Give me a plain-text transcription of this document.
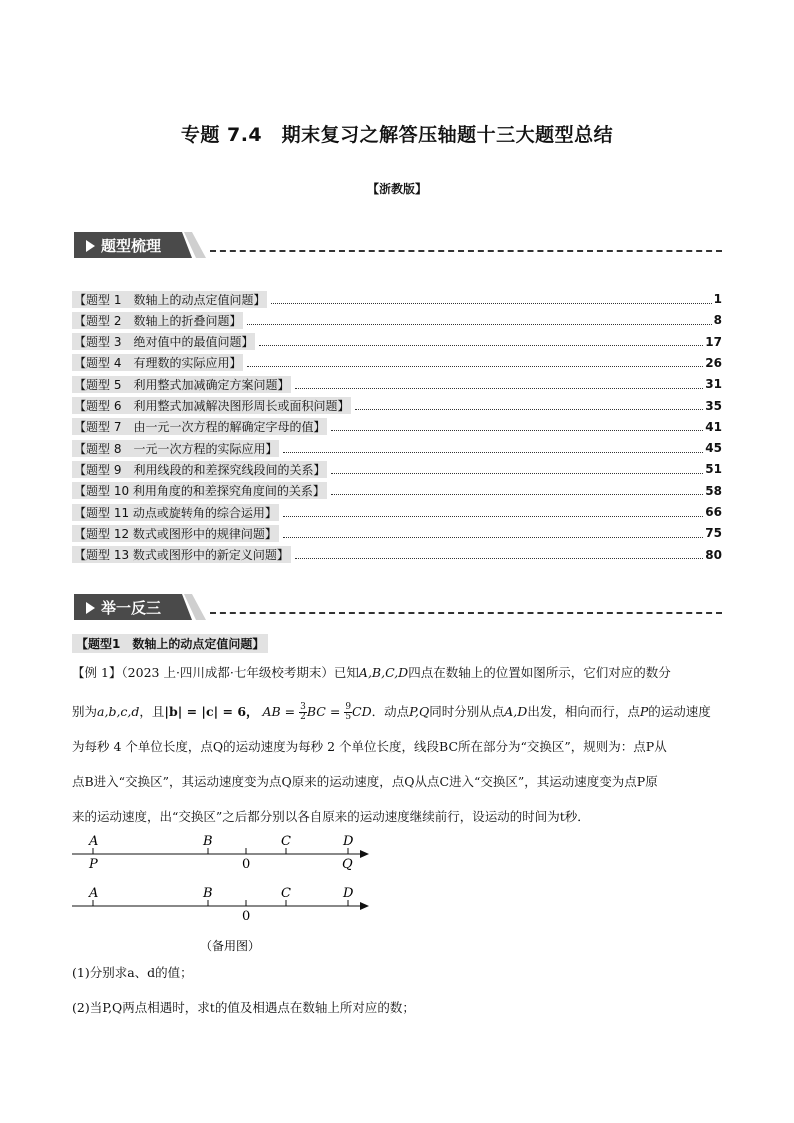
专题 7.4　期末复习之解答压轴题十三大题型总结
【浙教版】
题型梳理
【题型 1　数轴上的动点定值问题】	1
【题型 2　数轴上的折叠问题】	8
【题型 3　绝对值中的最值问题】	17
【题型 4　有理数的实际应用】	26
【题型 5　利用整式加减确定方案问题】	31
【题型 6　利用整式加减解决图形周长或面积问题】	35
【题型 7　由一元一次方程的解确定字母的值】	41
【题型 8　一元一次方程的实际应用】	45
【题型 9　利用线段的和差探究线段间的关系】	51
【题型 10 利用角度的和差探究角度间的关系】	58
【题型 11 动点或旋转角的综合运用】	66
【题型 12 数式或图形中的规律问题】	75
【题型 13 数式或图形中的新定义问题】	80
举一反三
【题型1　数轴上的动点定值问题】
【例 1】（2023 上·四川成都·七年级校考期末）已知A,B,C,D四点在数轴上的位置如图所示，它们对应的数分
别为a,b,c,d，且|b| = |c| = 6， AB = $\frac{3}{2}$ BC = $\frac{9}{5}$ CD．动点P,Q同时分别从点A,D出发，相向而行，点P的运动速度
为每秒 4 个单位长度，点Q的运动速度为每秒 2 个单位长度，线段BC所在部分为“交换区”，规则为：点P从
点B进入“交换区”，其运动速度变为点Q原来的运动速度，点Q从点C进入“交换区”，其运动速度变为点P原
来的运动速度，出“交换区”之后都分别以各自原来的运动速度继续前行，设运动的时间为t秒．
A	B	C	D
0
P	Q
A	B	C	D
0
（备用图）
(1)分别求a、d的值；
(2)当P,Q两点相遇时，求t的值及相遇点在数轴上所对应的数；
